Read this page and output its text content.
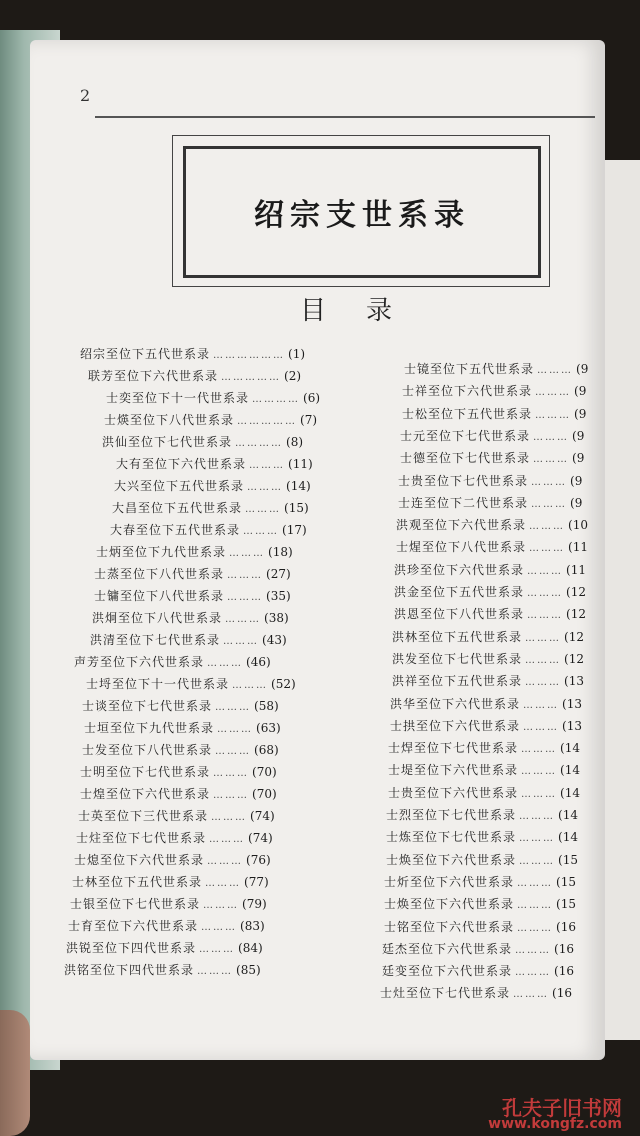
2
绍宗支世系录
目 录
绍宗至位下五代世系录 ……………… (1)
联芳至位下六代世系录 …………… (2)
士奕至位下十一代世系录 ………… (6)
士煐至位下八代世系录 …………… (7)
洪仙至位下七代世系录 ………… (8)
大有至位下六代世系录 ……… (11)
大兴至位下五代世系录 ……… (14)
大昌至位下五代世系录 ……… (15)
大春至位下五代世系录 ……… (17)
士炳至位下九代世系录 ……… (18)
士蒸至位下八代世系录 ……… (27)
士镛至位下八代世系录 ……… (35)
洪炯至位下八代世系录 ……… (38)
洪清至位下七代世系录 ……… (43)
声芳至位下六代世系录 ……… (46)
士埒至位下十一代世系录 ……… (52)
士谈至位下七代世系录 ……… (58)
士垣至位下九代世系录 ……… (63)
士发至位下八代世系录 ……… (68)
士明至位下七代世系录 ……… (70)
士煌至位下六代世系录 ……… (70)
士英至位下三代世系录 ……… (74)
士炷至位下七代世系录 ……… (74)
士熄至位下六代世系录 ……… (76)
士林至位下五代世系录 ……… (77)
士银至位下七代世系录 ……… (79)
士育至位下六代世系录 ……… (83)
洪锐至位下四代世系录 ……… (84)
洪铭至位下四代世系录 ……… (85)
士镜至位下五代世系录 ……… (9
士祥至位下六代世系录 ……… (9
士松至位下五代世系录 ……… (9
士元至位下七代世系录 ……… (9
士德至位下七代世系录 ……… (9
士贵至位下七代世系录 ……… (9
士连至位下二代世系录 ……… (9
洪观至位下六代世系录 ……… (10
士煋至位下八代世系录 ……… (11
洪珍至位下六代世系录 ……… (11
洪金至位下五代世系录 ……… (12
洪恩至位下八代世系录 ……… (12
洪林至位下五代世系录 ……… (12
洪发至位下七代世系录 ……… (12
洪祥至位下五代世系录 ……… (13
洪华至位下六代世系录 ……… (13
士拱至位下六代世系录 ……… (13
士焊至位下七代世系录 ……… (14
士堤至位下六代世系录 ……… (14
士贵至位下六代世系录 ……… (14
士烈至位下七代世系录 ……… (14
士炼至位下七代世系录 ……… (14
士焕至位下六代世系录 ……… (15
士炘至位下六代世系录 ……… (15
士焕至位下六代世系录 ……… (15
士铭至位下六代世系录 ……… (16
廷杰至位下六代世系录 ……… (16
廷变至位下六代世系录 ……… (16
士灶至位下七代世系录 ……… (16
孔夫子旧书网
www.kongfz.com
